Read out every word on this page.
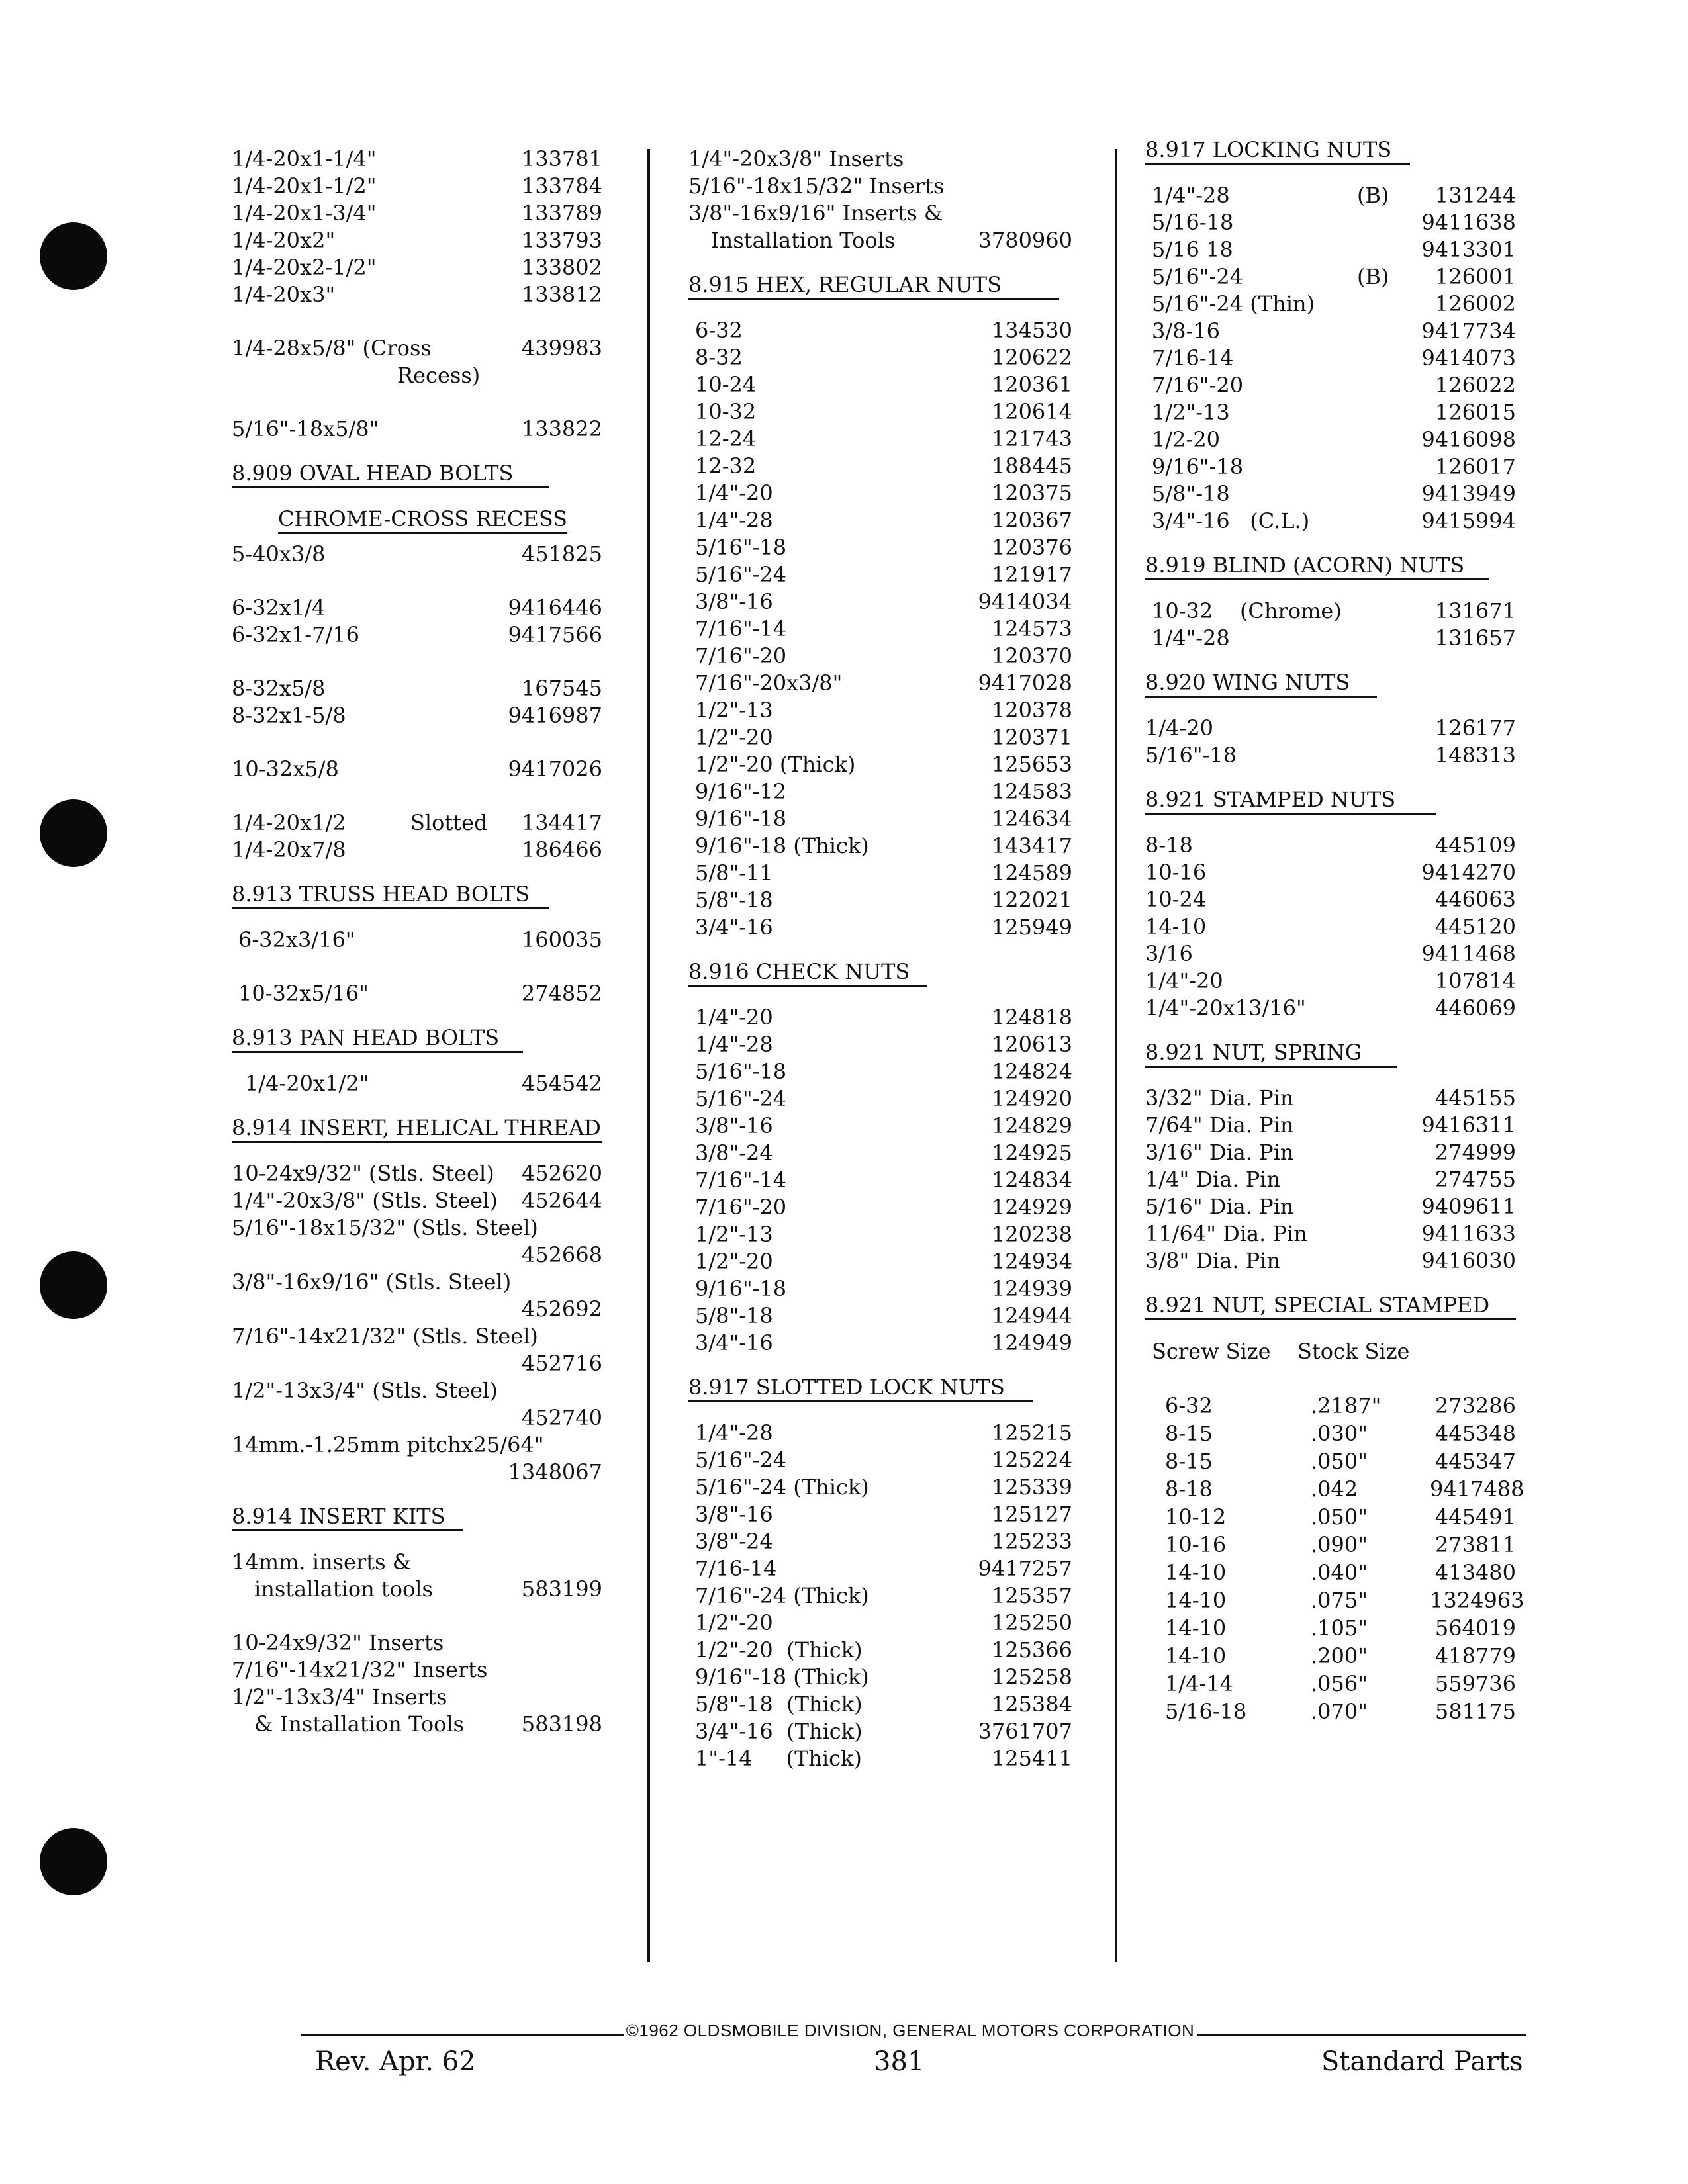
1/4-20x1-1/4"	133781
1/4-20x1-1/2"	133784
1/4-20x1-3/4"	133789
1/4-20x2"	133793
1/4-20x2-1/2"	133802
1/4-20x3"	133812
1/4-28x5/8" (Cross	439983
Recess)
5/16"-18x5/8"	133822
8.909 OVAL HEAD BOLTS
CHROME-CROSS RECESS
5-40x3/8	451825
6-32x1/4	9416446
6-32x1-7/16	9417566
8-32x5/8	167545
8-32x1-5/8	9416987
10-32x5/8	9417026
1/4-20x1/2	Slotted 134417
1/4-20x7/8	186466
8.913 TRUSS HEAD BOLTS
6-32x3/16"	160035
10-32x5/16"	274852
8.913 PAN HEAD BOLTS
1/4-20x1/2"	454542
8.914 INSERT, HELICAL THREAD
10-24x9/32" (Stls. Steel) 452620
1/4"-20x3/8" (Stls. Steel) 452644
5/16"-18x15/32" (Stls. Steel)
452668
3/8"-16x9/16" (Stls. Steel)
452692
7/16"-14x21/32" (Stls. Steel)
452716
1/2"-13x3/4" (Stls. Steel)
452740
14mm.-1.25mm pitchx25/64"
1348067
8.914 INSERT KITS
14mm. inserts &
installation tools	583199
10-24x9/32" Inserts
7/16"-14x21/32" Inserts
1/2"-13x3/4" Inserts
& Installation Tools	583198
1/4"-20x3/8" Inserts
5/16"-18x15/32" Inserts
3/8"-16x9/16" Inserts &
Installation Tools	3780960
8.915 HEX, REGULAR NUTS
6-32	134530
8-32	120622
10-24	120361
10-32	120614
12-24	121743
12-32	188445
1/4"-20	120375
1/4"-28	120367
5/16"-18	120376
5/16"-24	121917
3/8"-16	9414034
7/16"-14	124573
7/16"-20	120370
7/16"-20x3/8"	9417028
1/2"-13	120378
1/2"-20	120371
1/2"-20 (Thick)	125653
9/16"-12	124583
9/16"-18	124634
9/16"-18 (Thick)	143417
5/8"-11	124589
5/8"-18	122021
3/4"-16	125949
8.916 CHECK NUTS
1/4"-20	124818
1/4"-28	120613
5/16"-18	124824
5/16"-24	124920
3/8"-16	124829
3/8"-24	124925
7/16"-14	124834
7/16"-20	124929
1/2"-13	120238
1/2"-20	124934
9/16"-18	124939
5/8"-18	124944
3/4"-16	124949
8.917 SLOTTED LOCK NUTS
1/4"-28	125215
5/16"-24	125224
5/16"-24 (Thick)	125339
3/8"-16	125127
3/8"-24	125233
7/16-14	9417257
7/16"-24 (Thick)	125357
1/2"-20	125250
1/2"-20  (Thick)	125366
9/16"-18 (Thick)	125258
5/8"-18  (Thick)	125384
3/4"-16  (Thick)	3761707
1"-14     (Thick)	125411
8.917 LOCKING NUTS
1/4"-28	(B) 131244
5/16-18	9411638
5/16 18	9413301
5/16"-24	(B) 126001
5/16"-24 (Thin)	126002
3/8-16	9417734
7/16-14	9414073
7/16"-20	126022
1/2"-13	126015
1/2-20	9416098
9/16"-18	126017
5/8"-18	9413949
3/4"-16   (C.L.)	9415994
8.919 BLIND (ACORN) NUTS
10-32    (Chrome)	131671
1/4"-28	131657
8.920 WING NUTS
1/4-20	126177
5/16"-18	148313
8.921 STAMPED NUTS
8-18	445109
10-16	9414270
10-24	446063
14-10	445120
3/16	9411468
1/4"-20	107814
1/4"-20x13/16"	446069
8.921 NUT, SPRING
3/32" Dia. Pin	445155
7/64" Dia. Pin	9416311
3/16" Dia. Pin	274999
1/4" Dia. Pin	274755
5/16" Dia. Pin	9409611
11/64" Dia. Pin	9411633
3/8" Dia. Pin	9416030
8.921 NUT, SPECIAL STAMPED
Screw Size	Stock Size
6-32	.2187"	273286
8-15	.030"	445348
8-15	.050"	445347
8-18	.042	9417488
10-12	.050"	445491
10-16	.090"	273811
14-10	.040"	413480
14-10	.075"	1324963
14-10	.105"	564019
14-10	.200"	418779
1/4-14	.056"	559736
5/16-18	.070"	581175
©1962 OLDSMOBILE DIVISION, GENERAL MOTORS CORPORATION
Rev. Apr. 62	381	Standard Parts
